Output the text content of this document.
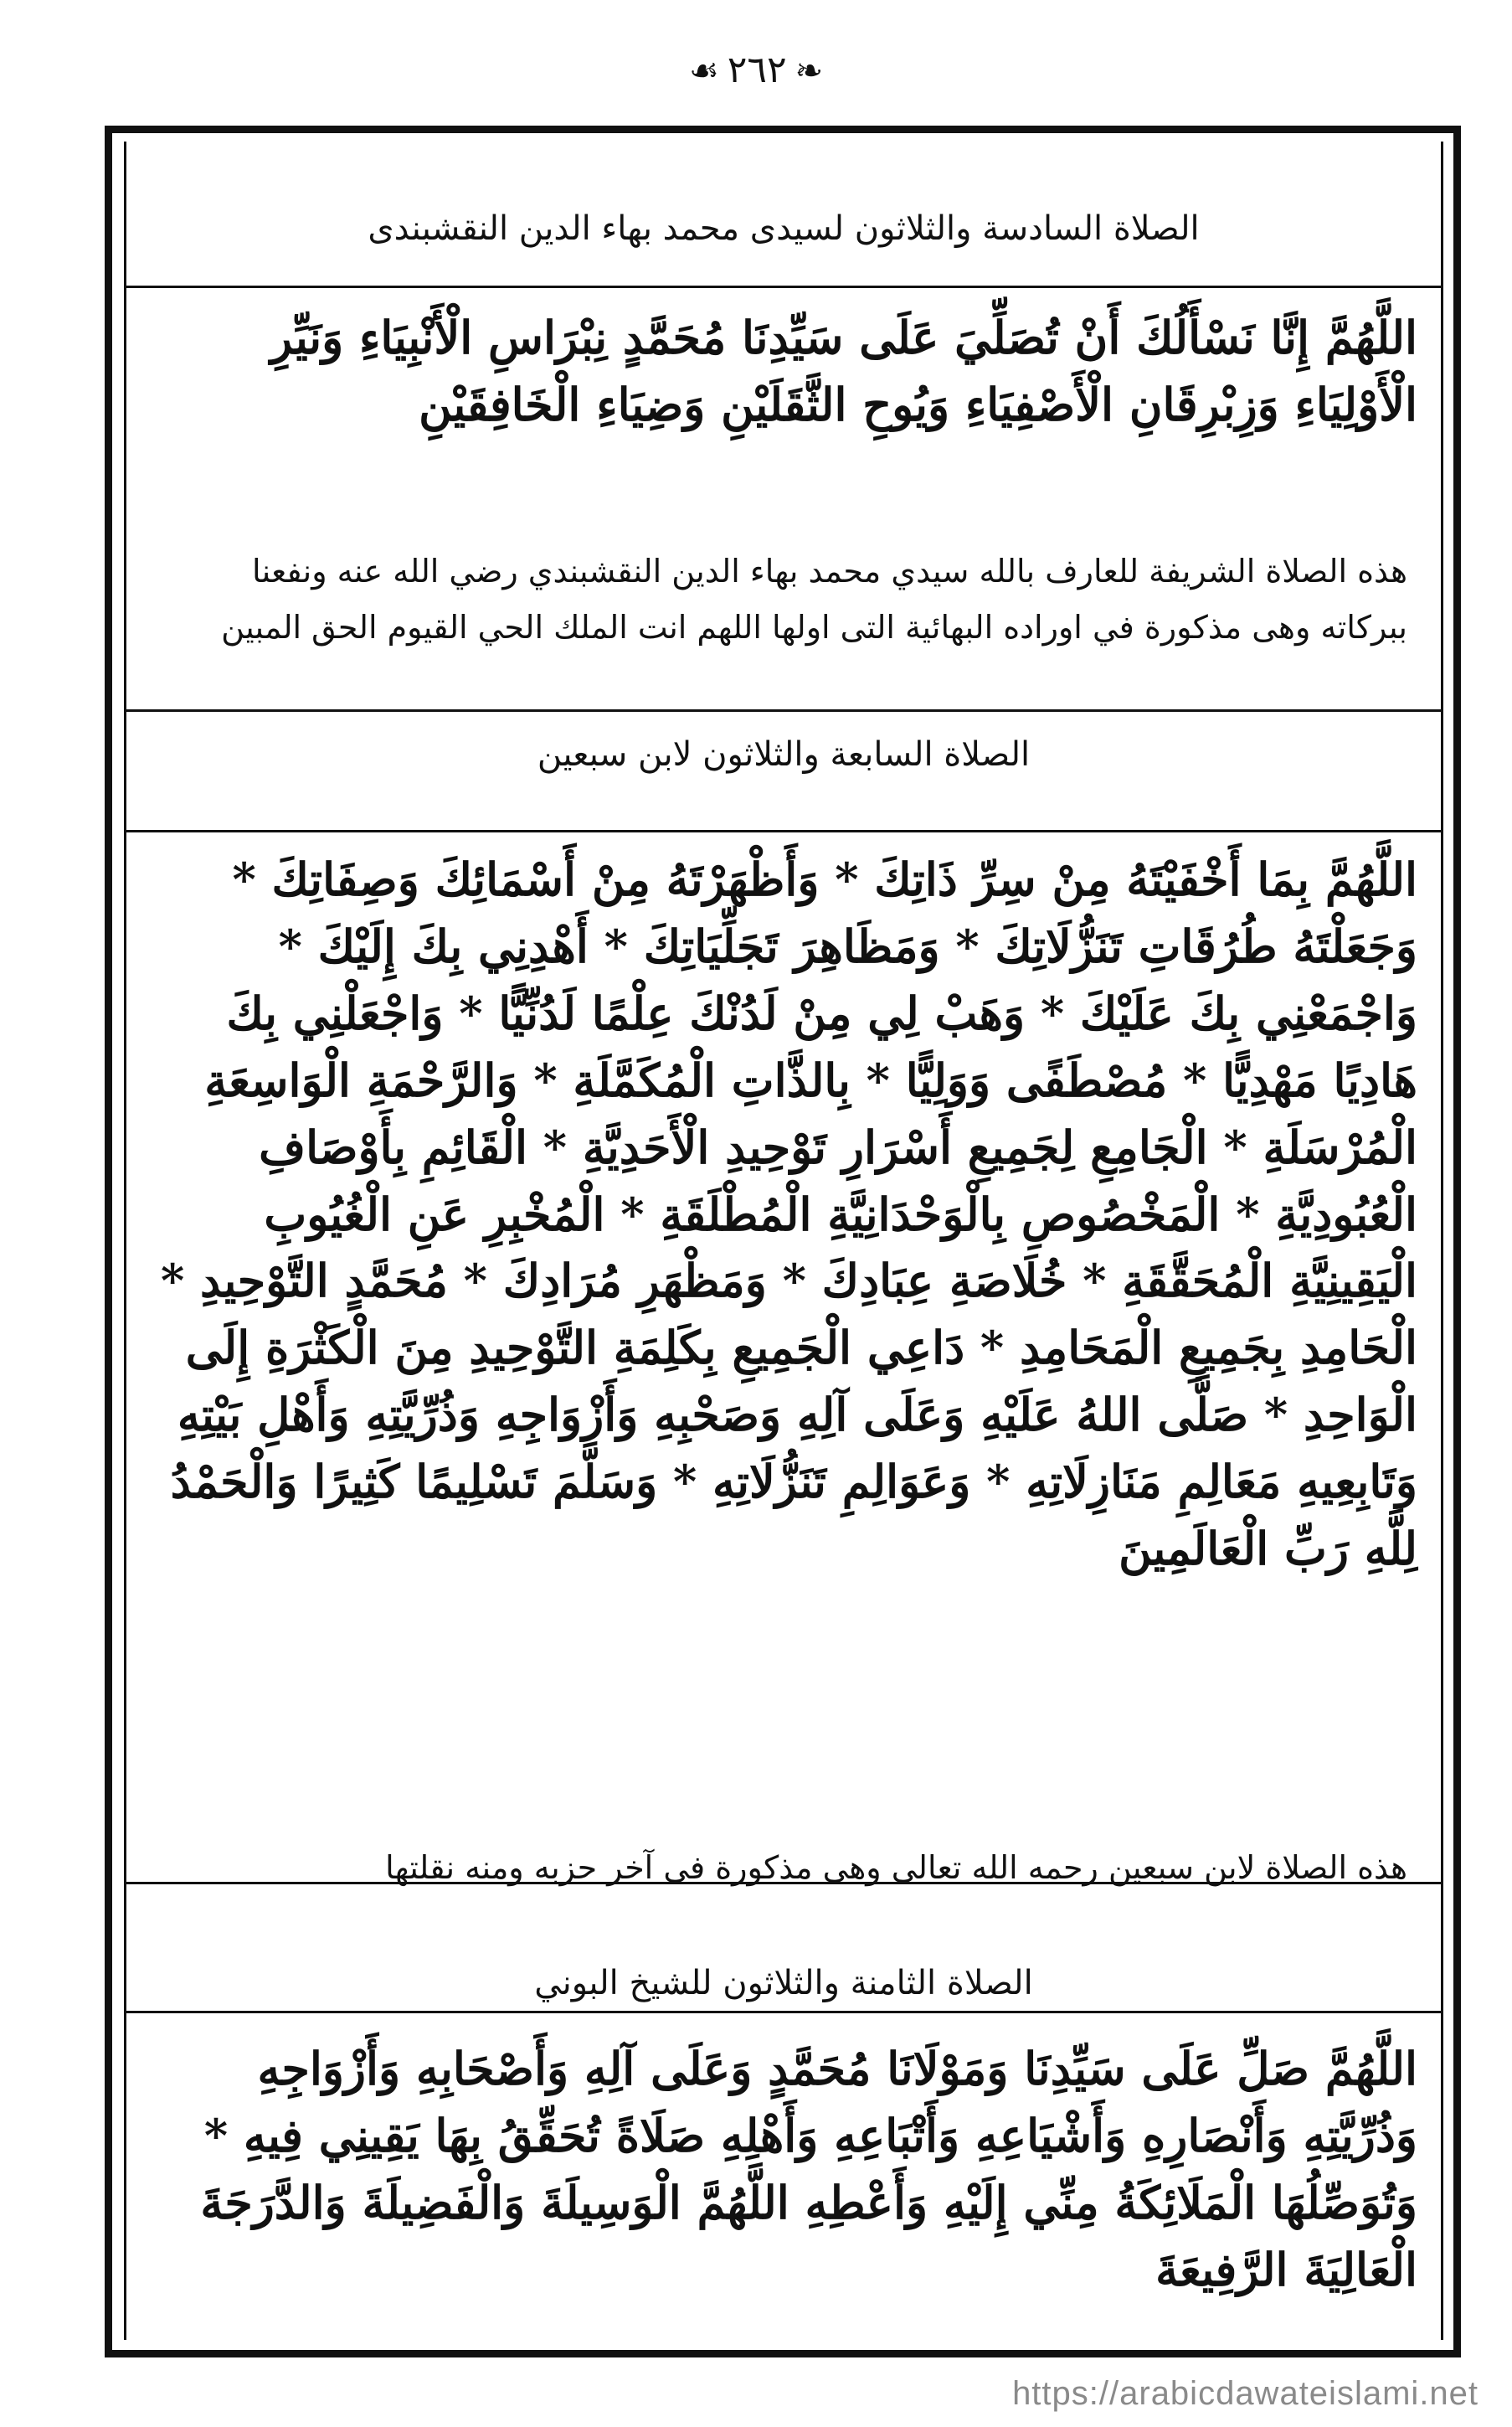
❧٢٦٢☙
الصلاة السادسة والثلاثون لسيدى محمد بهاء الدين النقشبندى
اللَّهُمَّ إِنَّا نَسْأَلُكَ أَنْ تُصَلِّيَ عَلَى سَيِّدِنَا مُحَمَّدٍ نِبْرَاسِ الْأَنْبِيَاءِ وَنَيِّرِ الْأَوْلِيَاءِ وَزِبْرِقَانِ الْأَصْفِيَاءِ وَيُوحِ الثَّقَلَيْنِ وَضِيَاءِ الْخَافِقَيْنِ
هذه الصلاة الشريفة للعارف بالله سيدي محمد بهاء الدين النقشبندي رضي الله عنه ونفعنا ببركاته وهى مذكورة في اوراده البهائية التى اولها اللهم انت الملك الحي القيوم الحق المبين
الصلاة السابعة والثلاثون لابن سبعين
اللَّهُمَّ بِمَا أَخْفَيْتَهُ مِنْ سِرِّ ذَاتِكَ * وَأَظْهَرْتَهُ مِنْ أَسْمَائِكَ وَصِفَاتِكَ * وَجَعَلْتَهُ طُرُقَاتِ تَنَزُّلَاتِكَ * وَمَظَاهِرَ تَجَلِّيَاتِكَ * أَهْدِنِي بِكَ إِلَيْكَ * وَاجْمَعْنِي بِكَ عَلَيْكَ * وَهَبْ لِي مِنْ لَدُنْكَ عِلْمًا لَدُنِّيًّا * وَاجْعَلْنِي بِكَ هَادِيًا مَهْدِيًّا * مُصْطَفًى وَوَلِيًّا * بِالذَّاتِ الْمُكَمَّلَةِ * وَالرَّحْمَةِ الْوَاسِعَةِ الْمُرْسَلَةِ * الْجَامِعِ لِجَمِيعِ أَسْرَارِ تَوْحِيدِ الْأَحَدِيَّةِ * الْقَائِمِ بِأَوْصَافِ الْعُبُودِيَّةِ * الْمَخْصُوصِ بِالْوَحْدَانِيَّةِ الْمُطْلَقَةِ * الْمُخْبِرِ عَنِ الْغُيُوبِ الْيَقِينِيَّةِ الْمُحَقَّقَةِ * خُلَاصَةِ عِبَادِكَ * وَمَظْهَرِ مُرَادِكَ * مُحَمَّدٍ التَّوْحِيدِ * الْحَامِدِ بِجَمِيعِ الْمَحَامِدِ * دَاعِي الْجَمِيعِ بِكَلِمَةِ التَّوْحِيدِ مِنَ الْكَثْرَةِ إِلَى الْوَاحِدِ * صَلَّى اللهُ عَلَيْهِ وَعَلَى آلِهِ وَصَحْبِهِ وَأَزْوَاجِهِ وَذُرِّيَّتِهِ وَأَهْلِ بَيْتِهِ وَتَابِعِيهِ مَعَالِمِ مَنَازِلَاتِهِ * وَعَوَالِمِ تَنَزُّلَاتِهِ * وَسَلَّمَ تَسْلِيمًا كَثِيرًا وَالْحَمْدُ لِلَّهِ رَبِّ الْعَالَمِينَ
هذه الصلاة لابن سبعين رحمه الله تعالى وهى مذكورة فى آخر حزبه ومنه نقلتها
الصلاة الثامنة والثلاثون للشيخ البوني
اللَّهُمَّ صَلِّ عَلَى سَيِّدِنَا وَمَوْلَانَا مُحَمَّدٍ وَعَلَى آلِهِ وَأَصْحَابِهِ وَأَزْوَاجِهِ وَذُرِّيَّتِهِ وَأَنْصَارِهِ وَأَشْيَاعِهِ وَأَتْبَاعِهِ وَأَهْلِهِ صَلَاةً تُحَقِّقُ بِهَا يَقِينِي فِيهِ * وَتُوَصِّلُهَا الْمَلَائِكَةُ مِنِّي إِلَيْهِ وَأَعْطِهِ اللَّهُمَّ الْوَسِيلَةَ وَالْفَضِيلَةَ وَالدَّرَجَةَ الْعَالِيَةَ الرَّفِيعَةَ
https://arabicdawateislami.net
